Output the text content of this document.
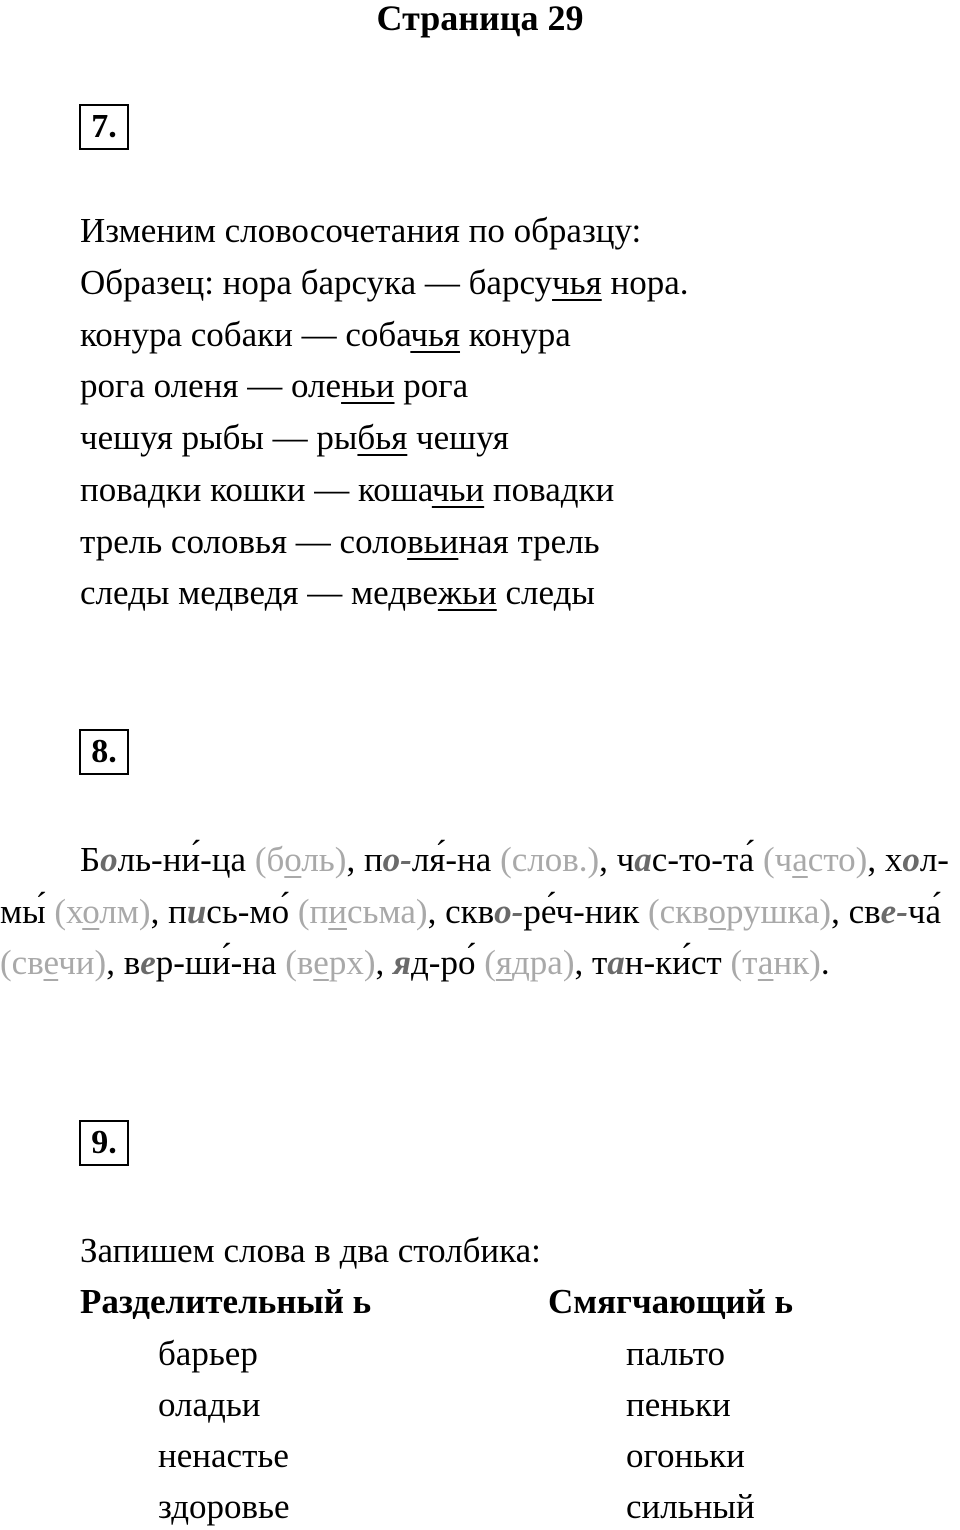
Страница 29
7.
Изменим словосочетания по образцу:
Образец: нора барсука — барсучья нора.
конура собаки — собачья конура
рога оленя — оленьи рога
чешуя рыбы — рыбья чешуя
повадки кошки — кошачьи повадки
трель соловья — соловьиная трель
следы медведя — медвежьи следы
8.
Боль-ни́-ца (боль), по-ля́-на (слов.), час-то-та́ (часто), хол-мы́ (холм), пись-мо́ (письма), скво-ре́ч-ник (скворушка), све-ча́ (свечи), вер-ши́-на (верх), яд-ро́ (ядра), тан-ки́ст (танк).
9.
Запишем слова в два столбика:
Разделительный ь	Смягчающий ь
барьер
оладьи
ненастье
здоровье
пальто
пеньки
огоньки
сильный
